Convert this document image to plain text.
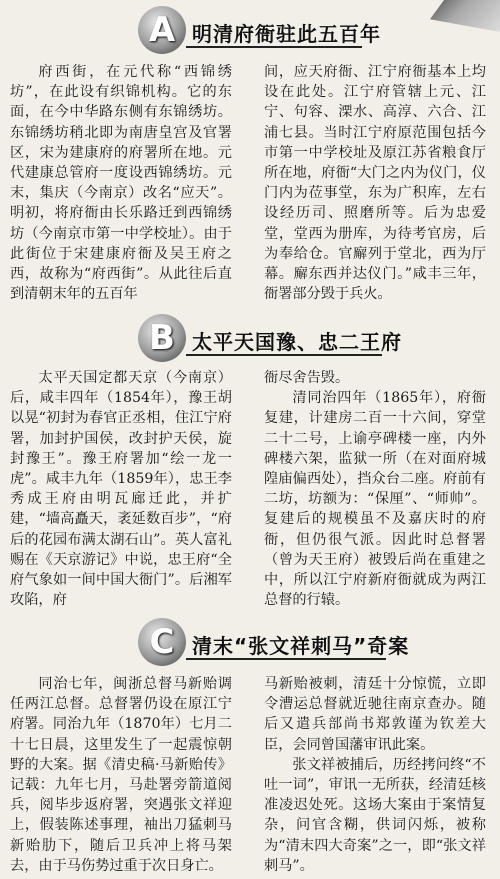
A 明清府衙驻此五百年

府西街，在元代称“西锦绣坊”，在此设有织锦机构。它的东面，在今中华路东侧有东锦绣坊。东锦绣坊稍北即为南唐皇宫及官署区，宋为建康府的府署所在地。元代建康总管府一度设西锦绣坊。元末，集庆（今南京）改名“应天”。明初，将府衙由长乐路迁到西锦绣坊（今南京市第一中学校址）。由于此街位于宋建康府衙及吴王府之西，故称为“府西街”。从此往后直到清朝末年的五百年

间，应天府衙、江宁府衙基本上均设在此处。江宁府管辖上元、江宁、句容、溧水、高淳、六合、江浦七县。当时江宁府原范围包括今市第一中学校址及原江苏省粮食厅所在地，府衙“大门之内为仪门，仪门内为莅事堂，东为广积库，左右设经历司、照磨所等。后为忠爱堂，堂西为册库，为待考官房，后为奉给仓。官廨列于堂北，西为厅幕。廨东西并达仪门。”咸丰三年，衙署部分毁于兵火。

B 太平天国豫、忠二王府

太平天国定都天京（今南京）后，咸丰四年（1854年），豫王胡以晃“初封为春官正丞相，住江宁府署，加封护国侯，改封护天侯，旋封豫王”。豫王府署加“绘一龙一虎”。咸丰九年（1859年），忠王李秀成王府由明瓦廊迁此，并扩建，“墙高矗天，袤延数百步”，“府后的花园布满太湖石山”。英人富礼赐在《天京游记》中说，忠王府“全府气象如一间中国大衙门”。后湘军攻陷，府

衙尽舍告毁。

清同治四年（1865年），府衙复建，计建房二百一十六间，穿堂二十二号，上谕亭碑楼一座，内外碑楼六架，监狱一所（在对面府城隍庙偏西处），挡众台二座。府前有二坊，坊额为：“保厘”、“师帅”。复建后的规模虽不及嘉庆时的府衙，但仍很气派。因此时总督署（曾为天王府）被毁后尚在重建之中，所以江宁府新府衙就成为两江总督的行辕。

C 清末“张文祥刺马”奇案

同治七年，闽浙总督马新贻调任两江总督。总督署仍设在原江宁府署。同治九年（1870年）七月二十七日晨，这里发生了一起震惊朝野的大案。据《清史稿·马新贻传》记载：九年七月，马赴署旁箭道阅兵，阅毕步返府署，突遇张文祥迎上，假装陈述事理，袖出刀猛刺马新贻肋下，随后卫兵冲上将马架去，由于马伤势过重于次日身亡。

马新贻被刺，清廷十分惊慌，立即令漕运总督就近驰往南京查办。随后又遣兵部尚书郑敦谨为钦差大臣，会同曾国藩审讯此案。

张文祥被捕后，历经拷问终“不吐一词”，审讯一无所获，经清廷核准凌迟处死。这场大案由于案情复杂，问官含糊，供词闪烁，被称为“清末四大奇案”之一，即“张文祥刺马”。
